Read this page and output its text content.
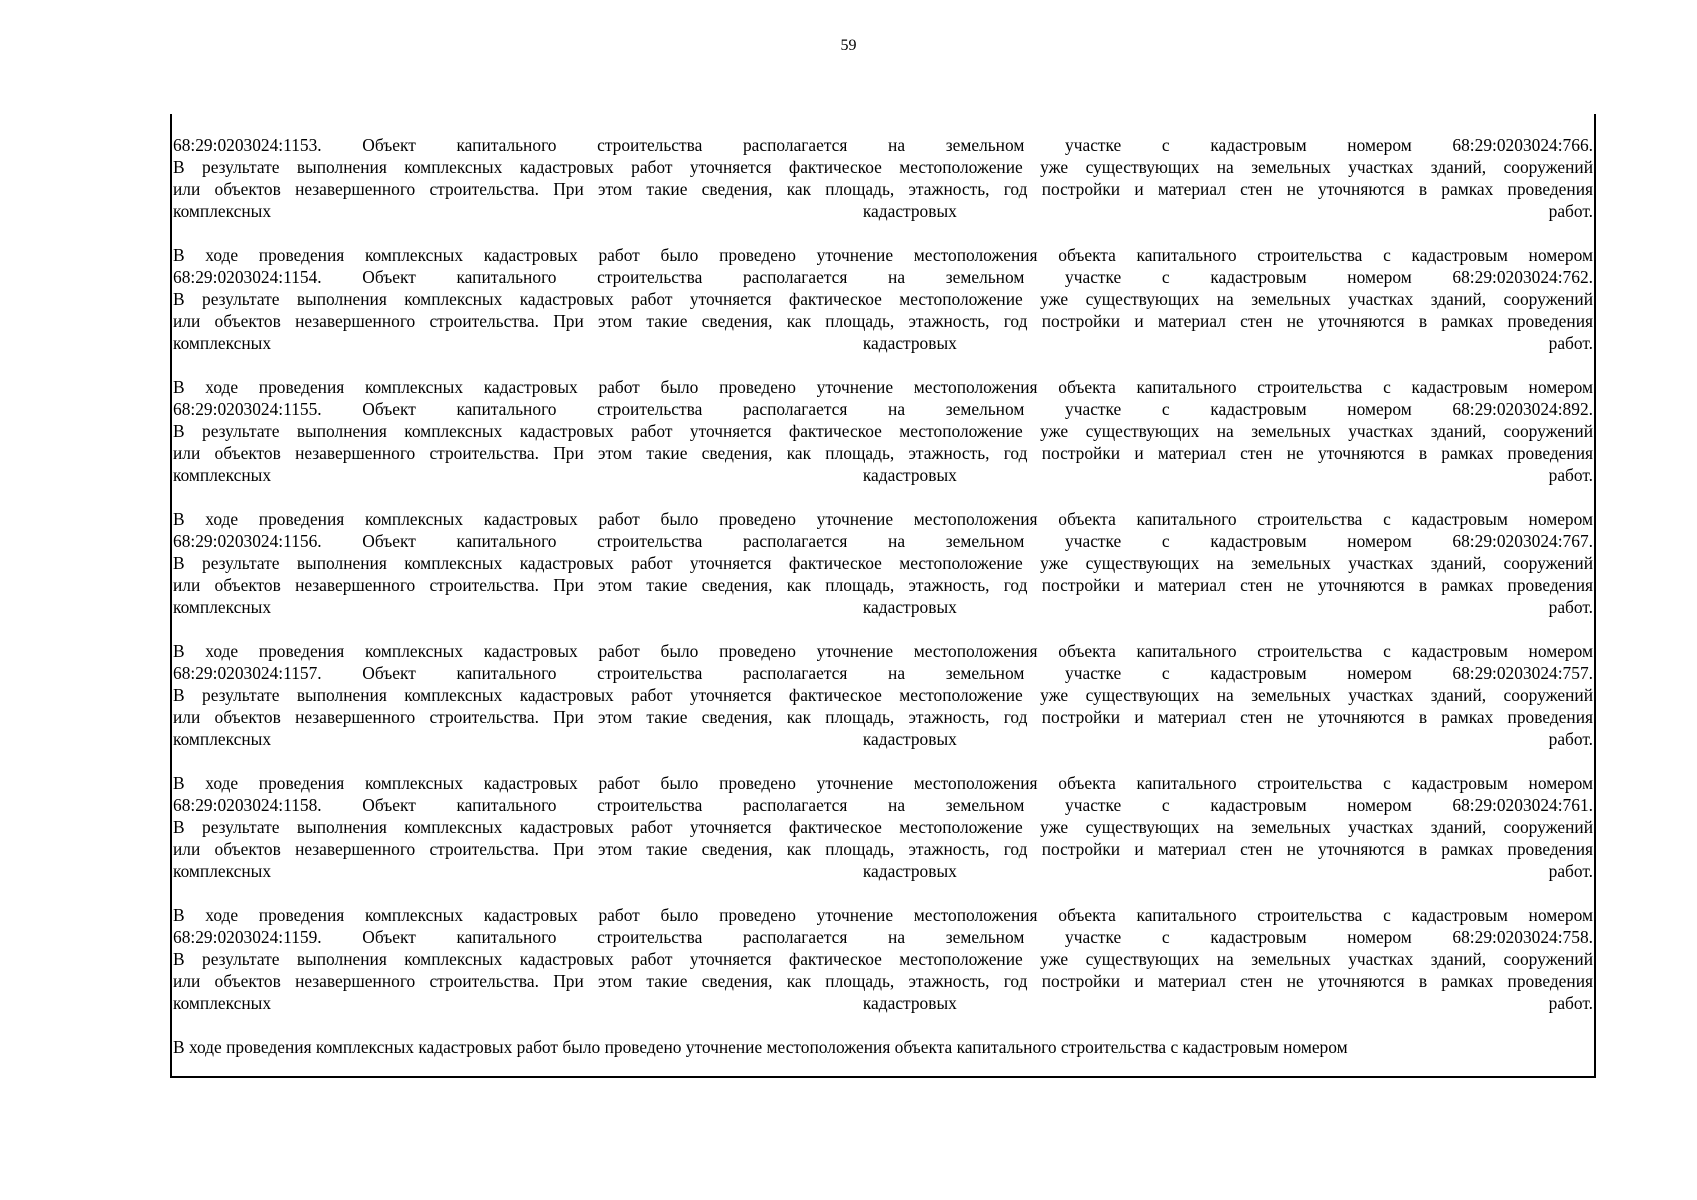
59
68:29:0203024:1153. Объект капитального строительства располагается на земельном участке с кадастровым номером 68:29:0203024:766.
В результате выполнения комплексных кадастровых работ уточняется фактическое местоположение уже существующих на земельных участках зданий, сооружений
или объектов незавершенного строительства. При этом такие сведения, как площадь, этажность, год постройки и материал стен не уточняются в рамках проведения
комплексных кадастровых работ.
В ходе проведения комплексных кадастровых работ было проведено уточнение местоположения объекта капитального строительства с кадастровым номером
68:29:0203024:1154. Объект капитального строительства располагается на земельном участке с кадастровым номером 68:29:0203024:762.
В результате выполнения комплексных кадастровых работ уточняется фактическое местоположение уже существующих на земельных участках зданий, сооружений
или объектов незавершенного строительства. При этом такие сведения, как площадь, этажность, год постройки и материал стен не уточняются в рамках проведения
комплексных кадастровых работ.
В ходе проведения комплексных кадастровых работ было проведено уточнение местоположения объекта капитального строительства с кадастровым номером
68:29:0203024:1155. Объект капитального строительства располагается на земельном участке с кадастровым номером 68:29:0203024:892.
В результате выполнения комплексных кадастровых работ уточняется фактическое местоположение уже существующих на земельных участках зданий, сооружений
или объектов незавершенного строительства. При этом такие сведения, как площадь, этажность, год постройки и материал стен не уточняются в рамках проведения
комплексных кадастровых работ.
В ходе проведения комплексных кадастровых работ было проведено уточнение местоположения объекта капитального строительства с кадастровым номером
68:29:0203024:1156. Объект капитального строительства располагается на земельном участке с кадастровым номером 68:29:0203024:767.
В результате выполнения комплексных кадастровых работ уточняется фактическое местоположение уже существующих на земельных участках зданий, сооружений
или объектов незавершенного строительства. При этом такие сведения, как площадь, этажность, год постройки и материал стен не уточняются в рамках проведения
комплексных кадастровых работ.
В ходе проведения комплексных кадастровых работ было проведено уточнение местоположения объекта капитального строительства с кадастровым номером
68:29:0203024:1157. Объект капитального строительства располагается на земельном участке с кадастровым номером 68:29:0203024:757.
В результате выполнения комплексных кадастровых работ уточняется фактическое местоположение уже существующих на земельных участках зданий, сооружений
или объектов незавершенного строительства. При этом такие сведения, как площадь, этажность, год постройки и материал стен не уточняются в рамках проведения
комплексных кадастровых работ.
В ходе проведения комплексных кадастровых работ было проведено уточнение местоположения объекта капитального строительства с кадастровым номером
68:29:0203024:1158. Объект капитального строительства располагается на земельном участке с кадастровым номером 68:29:0203024:761.
В результате выполнения комплексных кадастровых работ уточняется фактическое местоположение уже существующих на земельных участках зданий, сооружений
или объектов незавершенного строительства. При этом такие сведения, как площадь, этажность, год постройки и материал стен не уточняются в рамках проведения
комплексных кадастровых работ.
В ходе проведения комплексных кадастровых работ было проведено уточнение местоположения объекта капитального строительства с кадастровым номером
68:29:0203024:1159. Объект капитального строительства располагается на земельном участке с кадастровым номером 68:29:0203024:758.
В результате выполнения комплексных кадастровых работ уточняется фактическое местоположение уже существующих на земельных участках зданий, сооружений
или объектов незавершенного строительства. При этом такие сведения, как площадь, этажность, год постройки и материал стен не уточняются в рамках проведения
комплексных кадастровых работ.
В ходе проведения комплексных кадастровых работ было проведено уточнение местоположения объекта капитального строительства с кадастровым номером
